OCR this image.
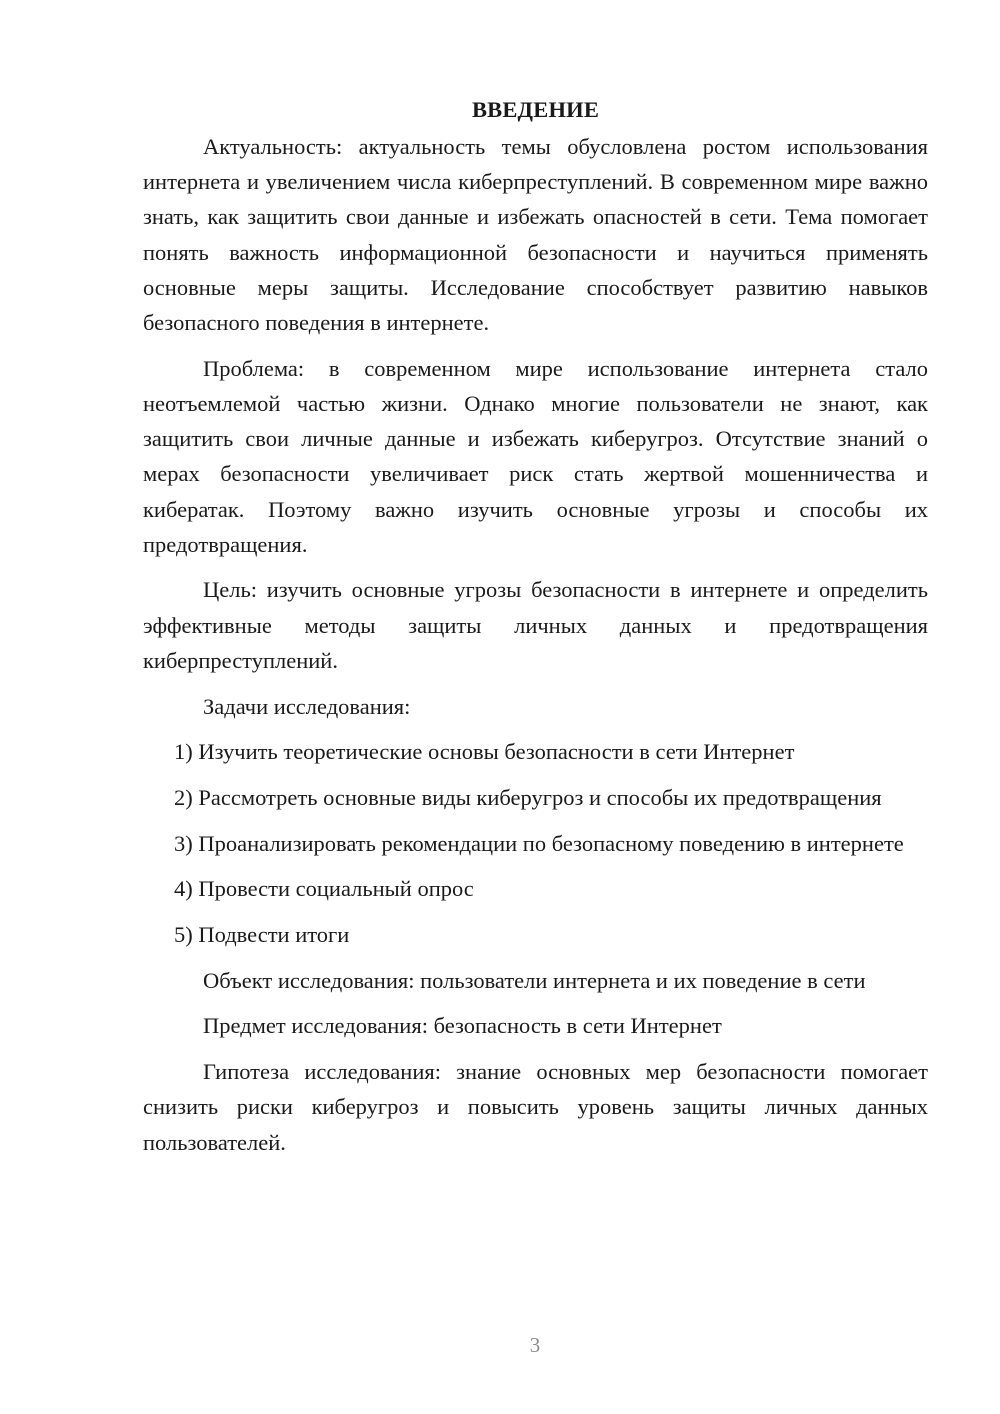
ВВЕДЕНИЕ

Актуальность: актуальность темы обусловлена ростом использования интернета и увеличением числа киберпреступлений. В современном мире важно знать, как защитить свои данные и избежать опасностей в сети. Тема помогает понять важность информационной безопасности и научиться применять основные меры защиты. Исследование способствует развитию навыков безопасного поведения в интернете.

Проблема: в современном мире использование интернета стало неотъемлемой частью жизни. Однако многие пользователи не знают, как защитить свои личные данные и избежать киберугроз. Отсутствие знаний о мерах безопасности увеличивает риск стать жертвой мошенничества и кибератак. Поэтому важно изучить основные угрозы и способы их предотвращения.

Цель: изучить основные угрозы безопасности в интернете и определить эффективные методы защиты личных данных и предотвращения киберпреступлений.

Задачи исследования:

1) Изучить теоретические основы безопасности в сети Интернет

2) Рассмотреть основные виды киберугроз и способы их предотвращения

3) Проанализировать рекомендации по безопасному поведению в интернете

4) Провести социальный опрос

5) Подвести итоги

Объект исследования: пользователи интернета и их поведение в сети

Предмет исследования: безопасность в сети Интернет

Гипотеза исследования: знание основных мер безопасности помогает снизить риски киберугроз и повысить уровень защиты личных данных пользователей.

3
